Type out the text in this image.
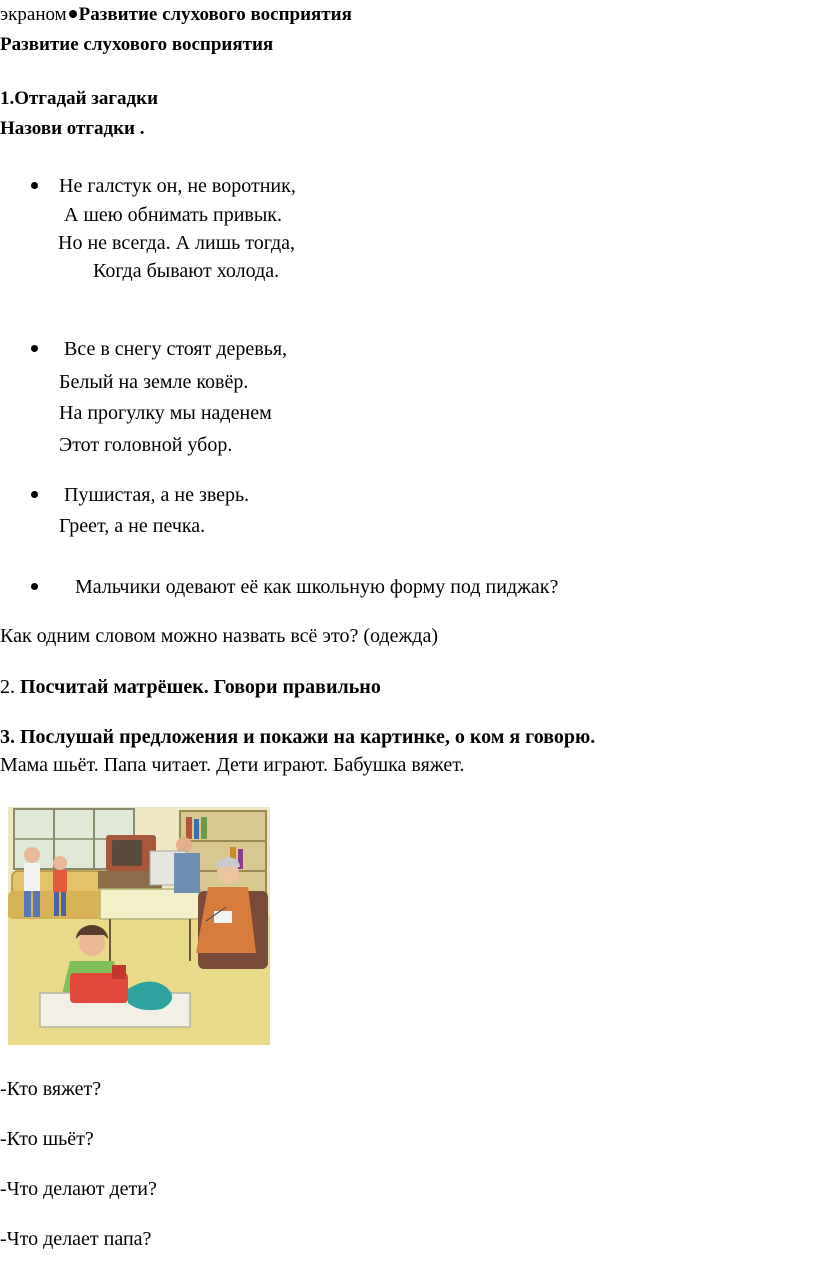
экраном Развитие слухового восприятия
Развитие слухового восприятия
1.Отгадай загадки
Назови отгадки .
Не галстук он, не воротник,
А шею обнимать привык.
Но не всегда. А лишь тогда,
Когда бывают холода.
Все в снегу стоят деревья,
Белый на земле ковёр.
На прогулку мы наденем
Этот головной убор.
Пушистая, а не зверь.
Греет, а не печка.
Мальчики одевают её как школьную форму под пиджак?
Как одним словом можно назвать всё это? (одежда)
2. Посчитай матрёшек. Говори правильно
3. Послушай предложения и покажи на картинке, о ком я говорю.
Мама шьёт. Папа читает. Дети играют. Бабушка вяжет.
-Кто вяжет?
-Кто шьёт?
-Что делают дети?
-Что делает папа?
